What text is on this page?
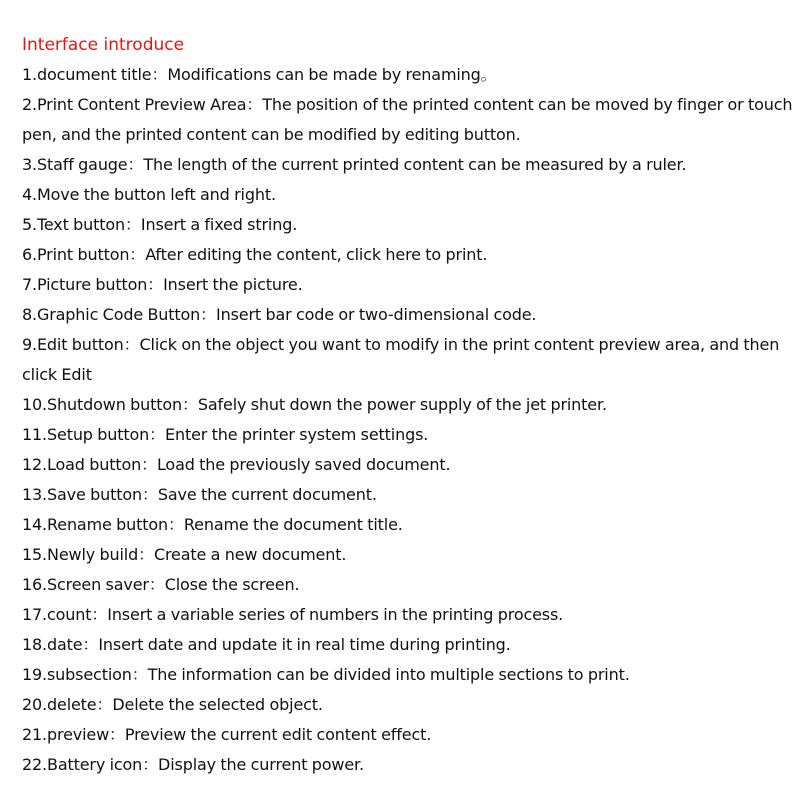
Interface introduce
1.document title：Modifications can be made by renaming。
2.Print Content Preview Area：The position of the printed content can be moved by finger or touch pen, and the printed content can be modified by editing button.
3.Staff gauge：The length of the current printed content can be measured by a ruler.
4.Move the button left and right.
5.Text button：Insert a fixed string.
6.Print button：After editing the content, click here to print.
7.Picture button：Insert the picture.
8.Graphic Code Button：Insert bar code or two-dimensional code.
9.Edit button：Click on the object you want to modify in the print content preview area, and then click Edit
10.Shutdown button：Safely shut down the power supply of the jet printer.
11.Setup button：Enter the printer system settings.
12.Load button：Load the previously saved document.
13.Save button：Save the current document.
14.Rename button：Rename the document title.
15.Newly build：Create a new document.
16.Screen saver：Close the screen.
17.count：Insert a variable series of numbers in the printing process.
18.date：Insert date and update it in real time during printing.
19.subsection：The information can be divided into multiple sections to print.
20.delete：Delete the selected object.
21.preview：Preview the current edit content effect.
22.Battery icon：Display the current power.
